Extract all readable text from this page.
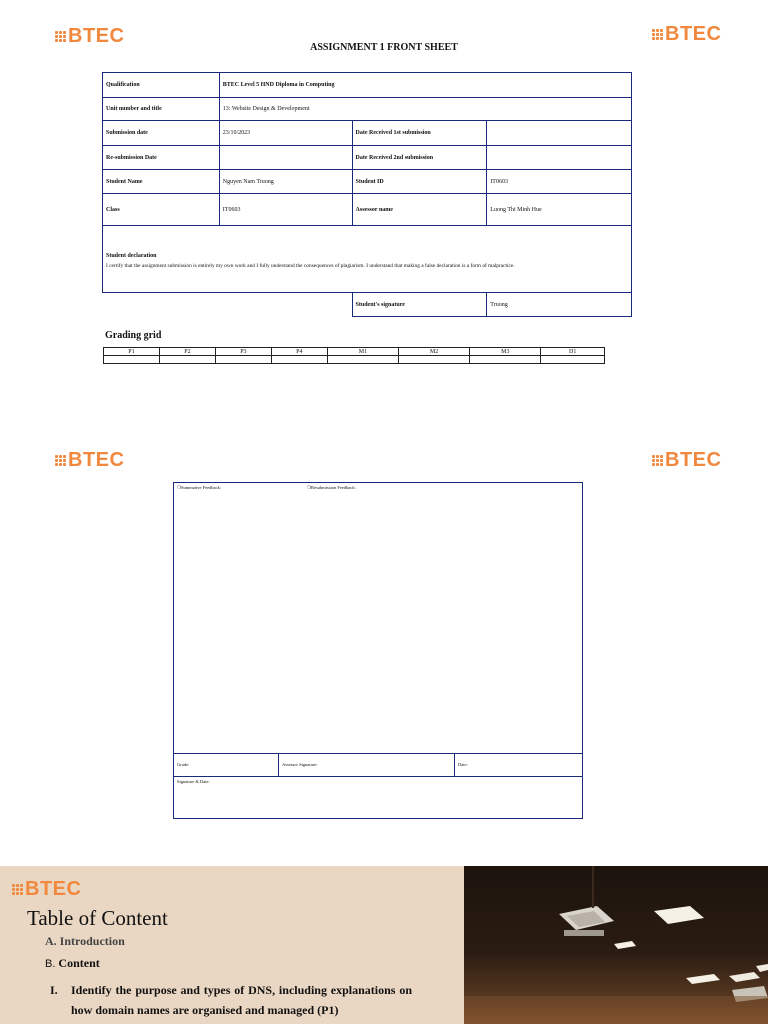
BTEC	BTEC
ASSIGNMENT 1 FRONT SHEET
Qualification	BTEC Level 5 HND Diploma in Computing		
Unit number and title	13: Website Design & Development		
Submission date	23/10/2023	Date Received 1st submission	
Re-submission Date		Date Received 2nd submission	
Student Name	Nguyen Nam Truong	Student ID	IT0603
Class	IT0603	Assessor name	Luong Thi Minh Hue

Student declaration
I certify that the assignment submission is entirely my own work and I fully understand the consequences of plagiarism. I understand that making a false declaration is a form of malpractice.			

		Student's signature	Truong
Grading grid
P1	P2	P3	P4	M1	M2	M3	D1

BTEC	BTEC
❍Summative Feedback:	❍Resubmission Feedback:
Grade:	Assessor Signature:	Date:
Signature & Date:
BTEC
Table of Content
A. Introduction
B. Content
I. Identify the purpose and types of DNS, including explanations on how domain names are organised and managed (P1)
